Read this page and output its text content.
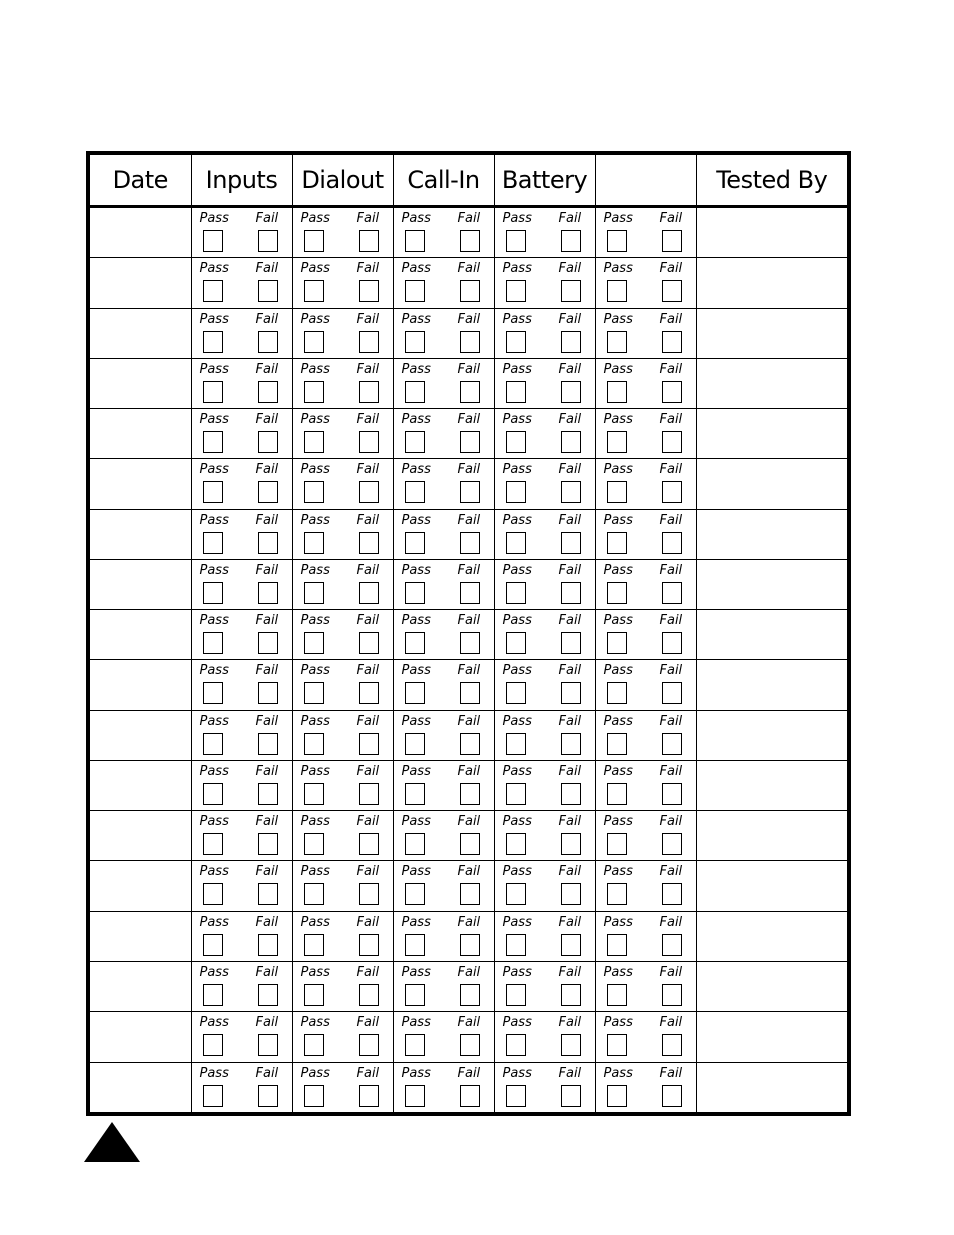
Date	Inputs	Dialout	Call-In	Battery		Tested By

	Pass Fail	Pass Fail	Pass Fail	Pass Fail	Pass Fail	

	Pass Fail	Pass Fail	Pass Fail	Pass Fail	Pass Fail	

	Pass Fail	Pass Fail	Pass Fail	Pass Fail	Pass Fail	

	Pass Fail	Pass Fail	Pass Fail	Pass Fail	Pass Fail	

	Pass Fail	Pass Fail	Pass Fail	Pass Fail	Pass Fail	

	Pass Fail	Pass Fail	Pass Fail	Pass Fail	Pass Fail	

	Pass Fail	Pass Fail	Pass Fail	Pass Fail	Pass Fail	

	Pass Fail	Pass Fail	Pass Fail	Pass Fail	Pass Fail	

	Pass Fail	Pass Fail	Pass Fail	Pass Fail	Pass Fail	

	Pass Fail	Pass Fail	Pass Fail	Pass Fail	Pass Fail	

	Pass Fail	Pass Fail	Pass Fail	Pass Fail	Pass Fail	

	Pass Fail	Pass Fail	Pass Fail	Pass Fail	Pass Fail	

	Pass Fail	Pass Fail	Pass Fail	Pass Fail	Pass Fail	

	Pass Fail	Pass Fail	Pass Fail	Pass Fail	Pass Fail	

	Pass Fail	Pass Fail	Pass Fail	Pass Fail	Pass Fail	

	Pass Fail	Pass Fail	Pass Fail	Pass Fail	Pass Fail	

	Pass Fail	Pass Fail	Pass Fail	Pass Fail	Pass Fail	

	Pass Fail	Pass Fail	Pass Fail	Pass Fail	Pass Fail	
